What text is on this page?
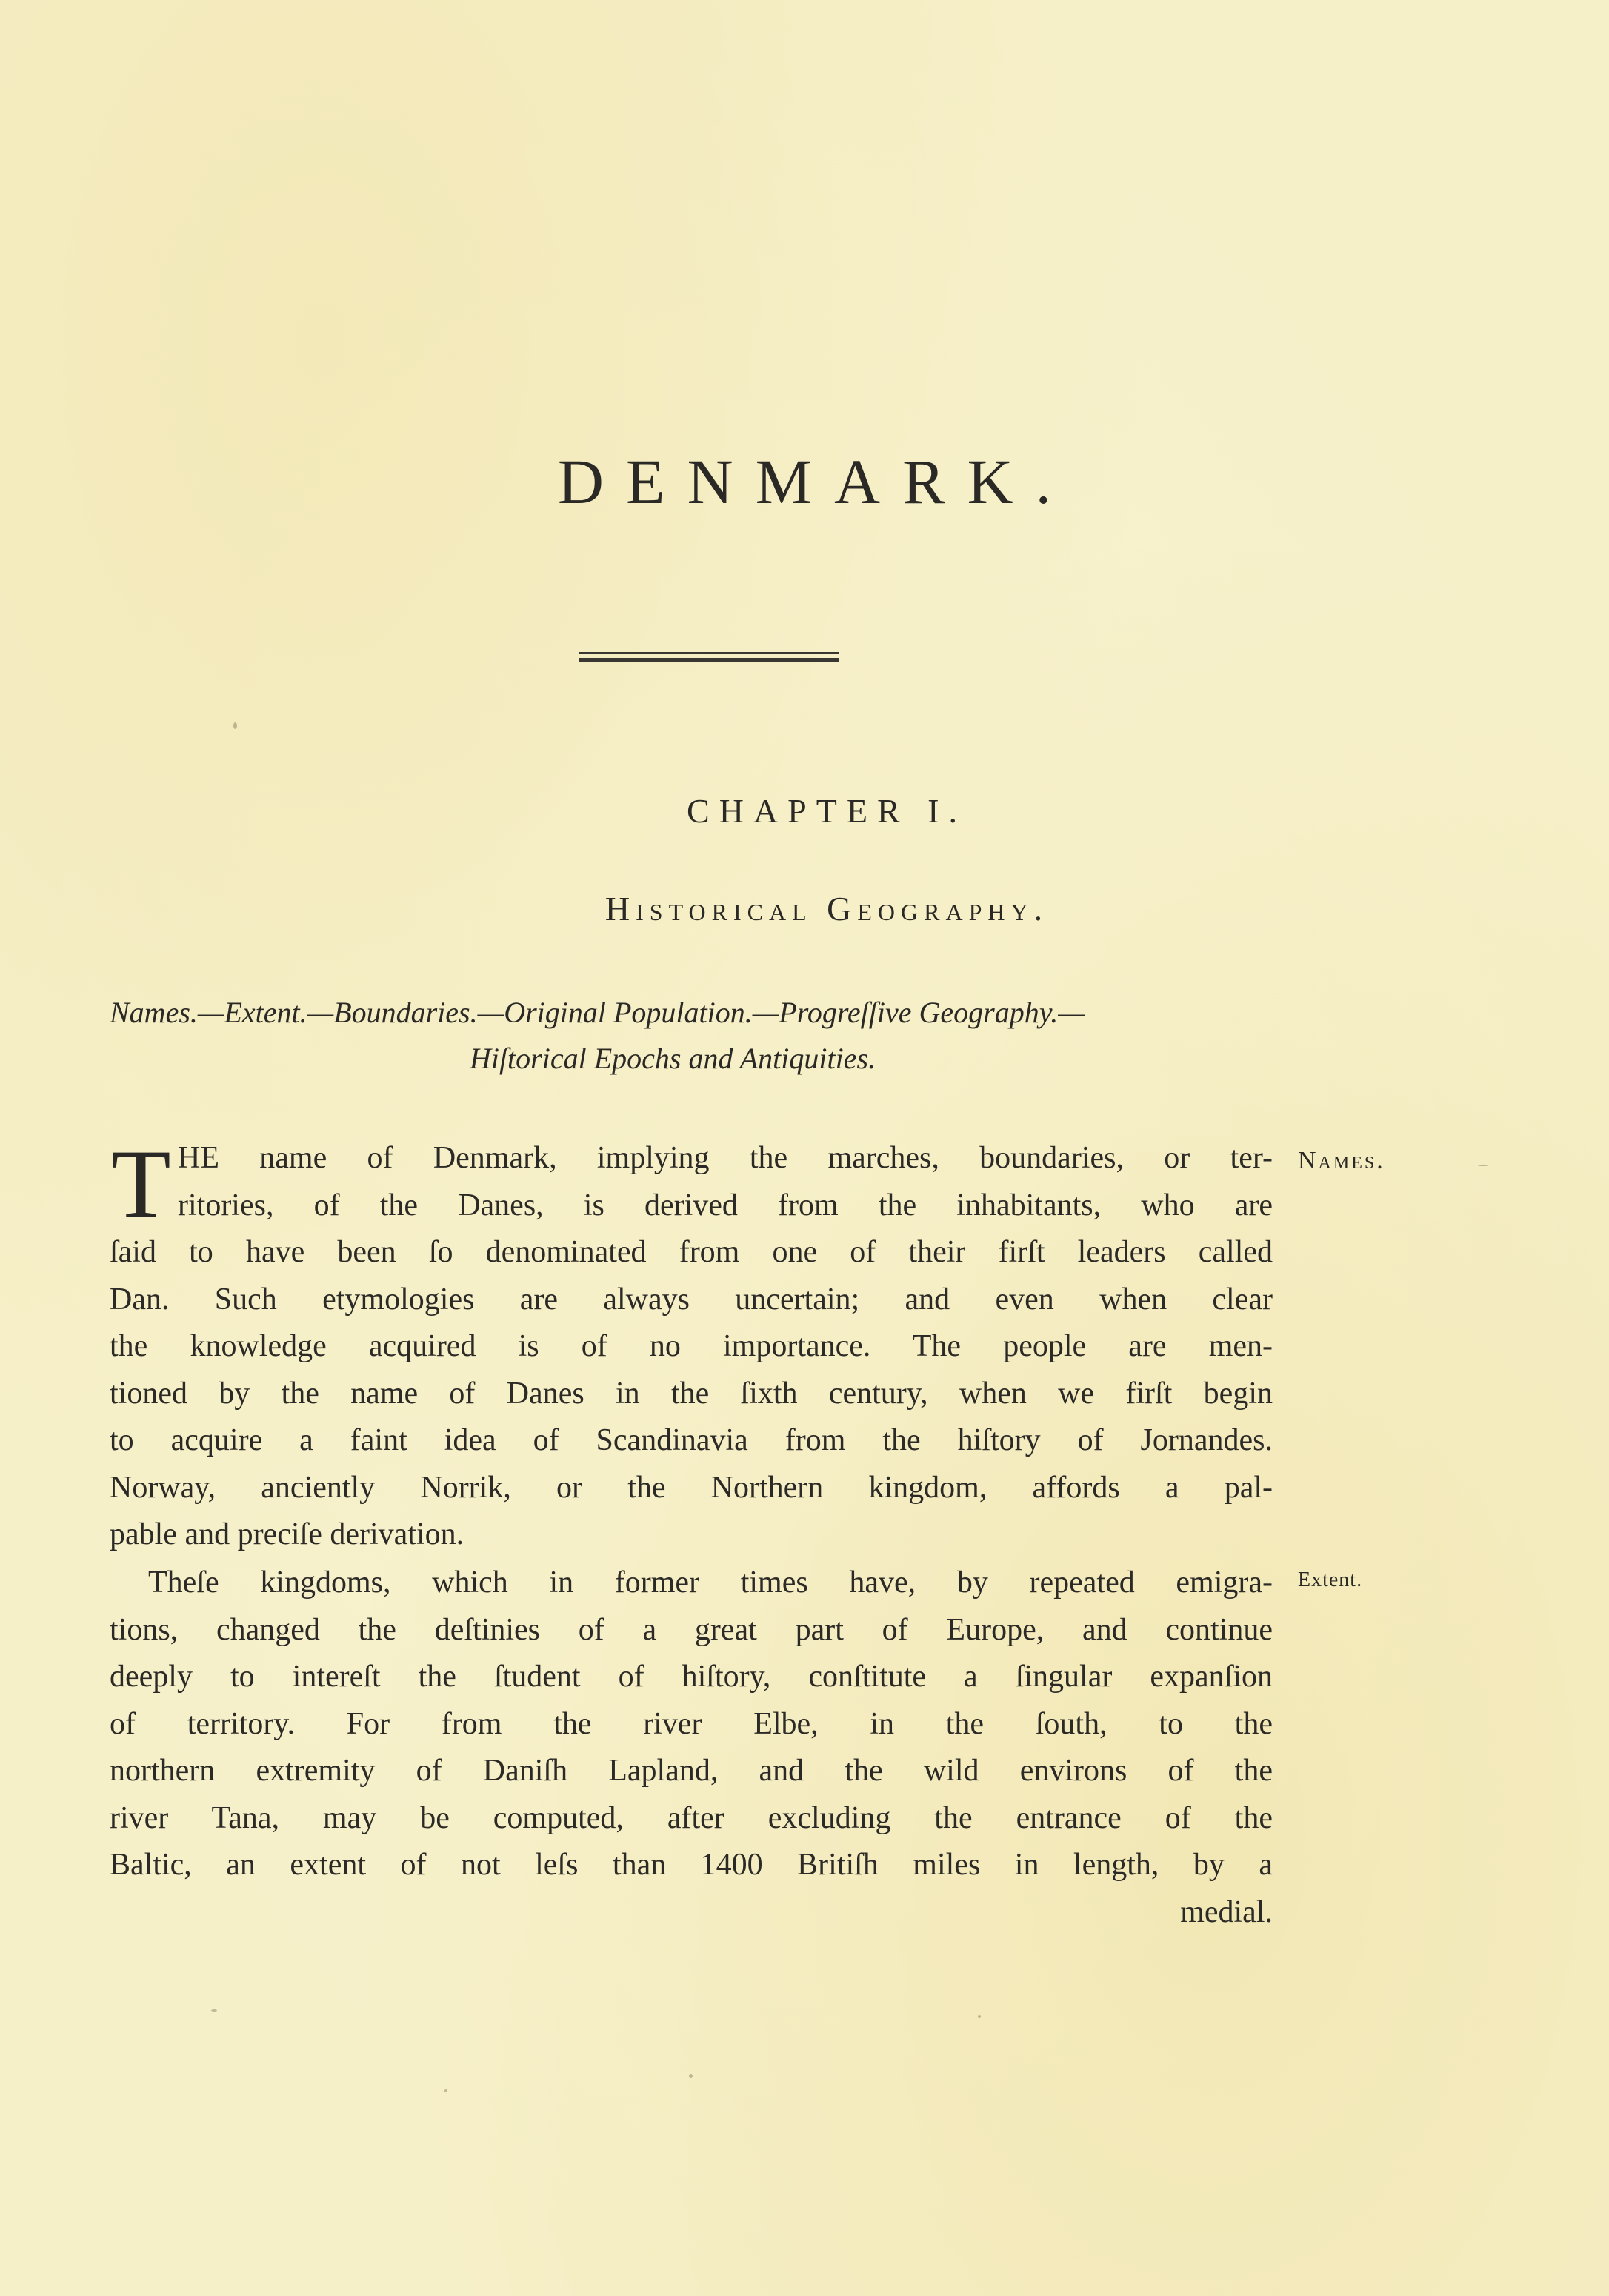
DENMARK.
CHAPTER I.
Historical Geography.
Names.—Extent.—Boundaries.—Original Population.—Progreſſive Geography.—
Hiſtorical Epochs and Antiquities.
T HE name of Denmark, implying the marches, boundaries, or ter-
ritories, of the Danes, is derived from the inhabitants, who are
ſaid to have been ſo denominated from one of their firſt leaders called
Dan. Such etymologies are always uncertain; and even when clear
the knowledge acquired is of no importance. The people are men-
tioned by the name of Danes in the ſixth century, when we firſt begin
to acquire a faint idea of Scandinavia from the hiſtory of Jornandes.
Norway, anciently Norrik, or the Northern kingdom, affords a pal-
pable and preciſe derivation.
Names.
Theſe kingdoms, which in former times have, by repeated emigra-
tions, changed the deſtinies of a great part of Europe, and continue
deeply to intereſt the ſtudent of hiſtory, conſtitute a ſingular expanſion
of territory. For from the river Elbe, in the ſouth, to the
northern extremity of Daniſh Lapland, and the wild environs of the
river Tana, may be computed, after excluding the entrance of the
Baltic, an extent of not leſs than 1400 Britiſh miles in length, by a
medial.
Extent.
